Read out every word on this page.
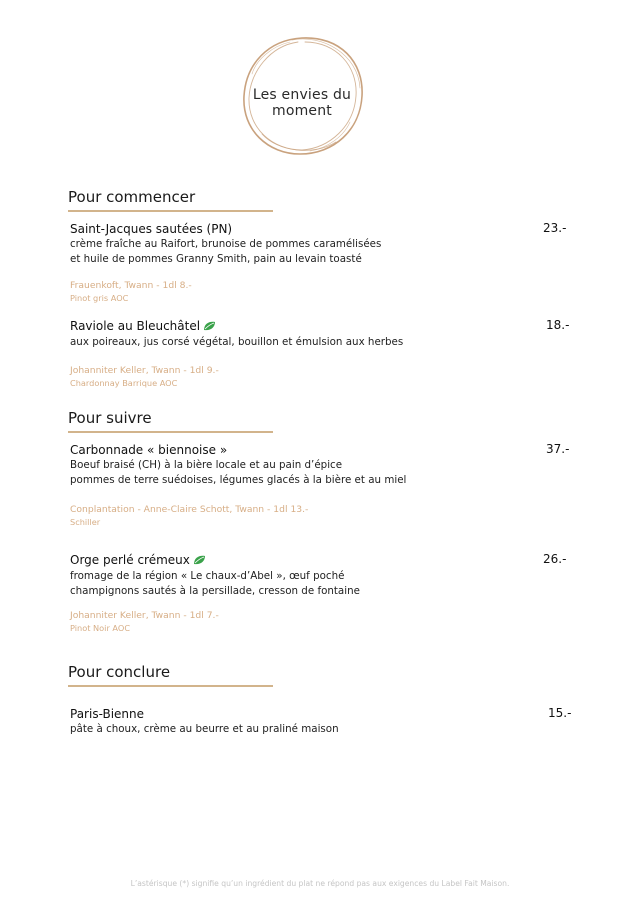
Les envies du moment
Pour commencer
Saint-Jacques sautées (PN)
crème fraîche au Raifort, brunoise de pommes caramélisées
et huile de pommes Granny Smith, pain au levain toasté
23.-
Frauenkoft, Twann - 1dl 8.-
Pinot gris AOC
Raviole au Bleuchâtel
aux poireaux, jus corsé végétal, bouillon et émulsion aux herbes
18.-
Johanniter Keller, Twann - 1dl 9.-
Chardonnay Barrique AOC
Pour suivre
Carbonnade « biennoise »
Boeuf braisé (CH) à la bière locale et au pain d’épice
pommes de terre suédoises, légumes glacés à la bière et au miel
37.-
Conplantation - Anne-Claire Schott, Twann - 1dl 13.-
Schiller
Orge perlé crémeux
fromage de la région « Le chaux-d’Abel », œuf poché
champignons sautés à la persillade, cresson de fontaine
26.-
Johanniter Keller, Twann - 1dl 7.-
Pinot Noir AOC
Pour conclure
Paris-Bienne
pâte à choux, crème au beurre et au praliné maison
15.-
L’astérisque (*) signifie qu’un ingrédient du plat ne répond pas aux exigences du Label Fait Maison.
